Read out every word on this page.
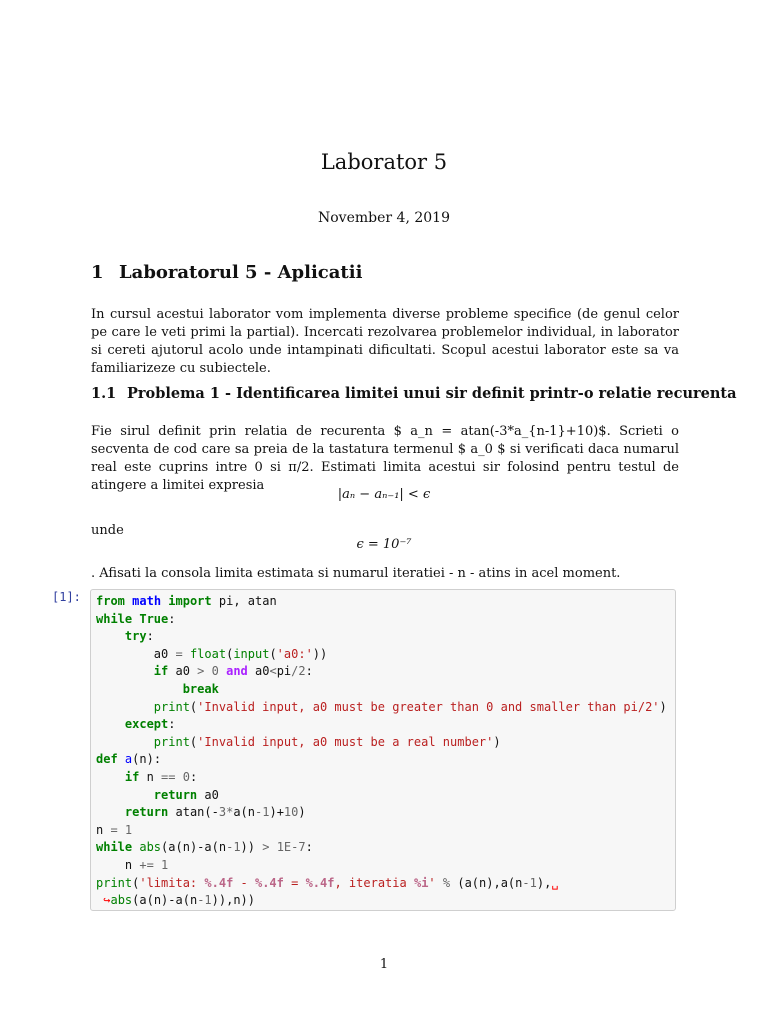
Laborator 5
November 4, 2019
1 Laboratorul 5 - Aplicatii
In cursul acestui laborator vom implementa diverse probleme specifice (de genul celor pe care le veti primi la partial). Incercati rezolvarea problemelor individual, in laborator si cereti ajutorul acolo unde intampinati dificultati. Scopul acestui laborator este sa va familiarizeze cu subiectele.
1.1 Problema 1 - Identificarea limitei unui sir definit printr-o relatie recurenta
Fie sirul definit prin relatia de recurenta $ a_n = atan(-3*a_{n-1}+10)$. Scrieti o secventa de cod care sa preia de la tastatura termenul $ a_0 $ si verificati daca numarul real este cuprins intre 0 si π/2. Estimati limita acestui sir folosind pentru testul de atingere a limitei expresia
|aₙ − aₙ₋₁| < ϵ
unde
ϵ = 10⁻⁷
. Afisati la consola limita estimata si numarul iteratiei - n - atins in acel moment.
[1]: from math import pi, atan
while True:
try:
a0 = float(input('a0:'))
if a0 > 0 and a0<pi/2:
break
print('Invalid input, a0 must be greater than 0 and smaller than pi/2')
except:
print('Invalid input, a0 must be a real number')
def a(n):
if n == 0:
return a0
return atan(-3*a(n-1)+10)
n = 1
while abs(a(n)-a(n-1)) > 1E-7:
n += 1
print('limita: %.4f - %.4f = %.4f, iteratia %i' % (a(n),a(n-1),␣
↪abs(a(n)-a(n-1)),n))
1
